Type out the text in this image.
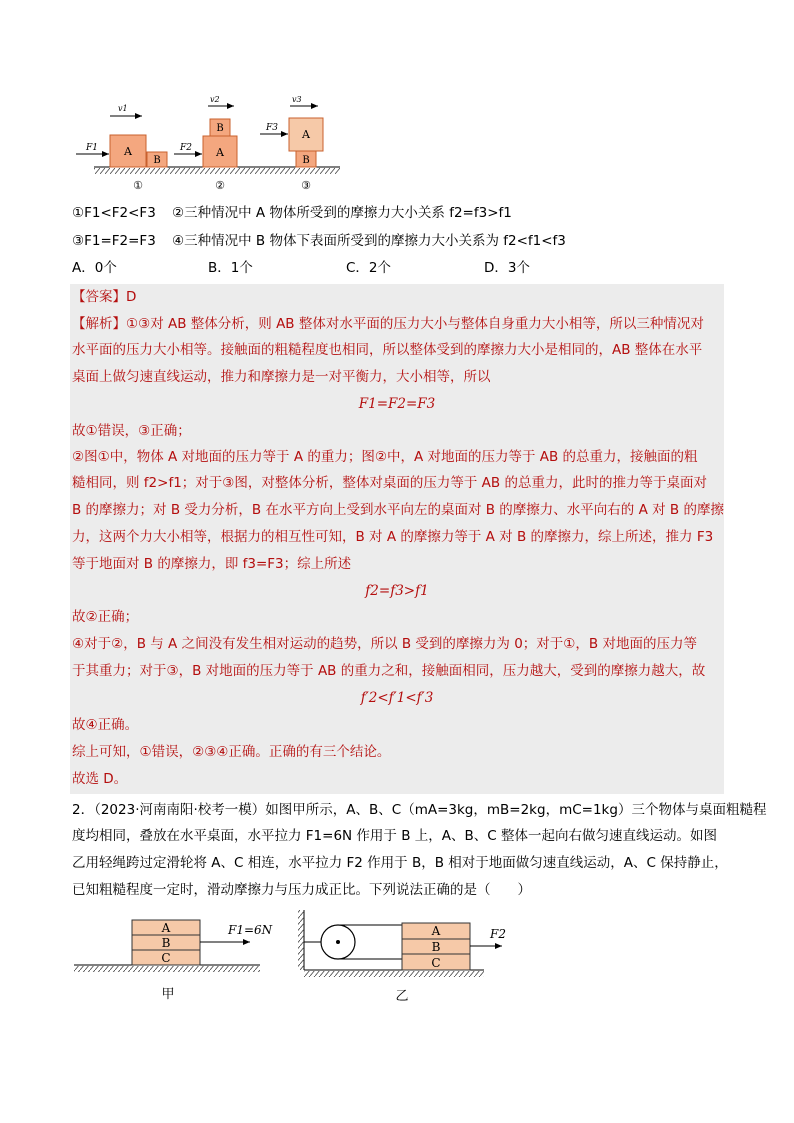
A
B
F1
v1
A
B
F2
v2
B
A
F3
v3
①	②	③
①F1<F2<F3 ②三种情况中 A 物体所受到的摩擦力大小关系 f2=f3>f1
③F1=F2=F3 ④三种情况中 B 物体下表面所受到的摩擦力大小关系为 f2<f1<f3
A．0个	B．1个	C．2个	D．3个
【答案】D
【解析】①③对 AB 整体分析，则 AB 整体对水平面的压力大小与整体自身重力大小相等，所以三种情况对
水平面的压力大小相等。接触面的粗糙程度也相同，所以整体受到的摩擦力大小是相同的，AB 整体在水平
桌面上做匀速直线运动，推力和摩擦力是一对平衡力，大小相等，所以
F1=F2=F3
故①错误，③正确；
②图①中，物体 A 对地面的压力等于 A 的重力；图②中，A 对地面的压力等于 AB 的总重力，接触面的粗
糙相同，则 f2>f1；对于③图，对整体分析，整体对桌面的压力等于 AB 的总重力，此时的推力等于桌面对
B 的摩擦力；对 B 受力分析，B 在水平方向上受到水平向左的桌面对 B 的摩擦力、水平向右的 A 对 B 的摩擦
力，这两个力大小相等，根据力的相互性可知，B 对 A 的摩擦力等于 A 对 B 的摩擦力，综上所述，推力 F3
等于地面对 B 的摩擦力，即 f3=F3；综上所述
f2=f3>f1
故②正确；
④对于②，B 与 A 之间没有发生相对运动的趋势，所以 B 受到的摩擦力为 0；对于①，B 对地面的压力等
于其重力；对于③，B 对地面的压力等于 AB 的重力之和，接触面相同，压力越大，受到的摩擦力越大，故
f′2<f′1<f′3
故④正确。
综上可知，①错误，②③④正确。正确的有三个结论。
故选 D。
2．（2023·河南南阳·校考一模）如图甲所示，A、B、C（mA=3kg，mB=2kg，mC=1kg）三个物体与桌面粗糙程
度均相同，叠放在水平桌面，水平拉力 F1=6N 作用于 B 上，A、B、C 整体一起向右做匀速直线运动。如图
乙用轻绳跨过定滑轮将 A、C 相连，水平拉力 F2 作用于 B，B 相对于地面做匀速直线运动，A、C 保持静止，
已知粗糙程度一定时，滑动摩擦力与压力成正比。下列说法正确的是（　　）
A
B
C
F1=6N
甲
A
B
C
F2
乙
